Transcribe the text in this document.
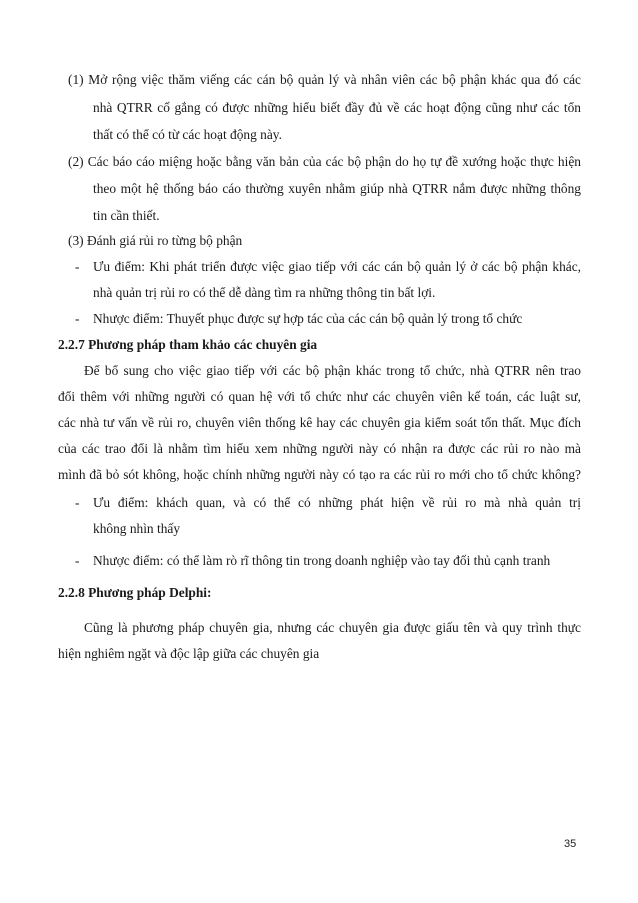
(1) Mở rộng việc thăm viếng các cán bộ quản lý và nhân viên các bộ phận khác qua đó các
nhà QTRR cố gắng có được những hiểu biết đầy đủ về các hoạt động cũng như các tổn
thất có thể có từ các hoạt động này.
(2) Các báo cáo miệng hoặc bằng văn bản của các bộ phận do họ tự đề xướng hoặc thực hiện
theo một hệ thống báo cáo thường xuyên nhằm giúp nhà QTRR nắm được những thông
tin cần thiết.
(3) Đánh giá rủi ro từng bộ phận
- Ưu điểm: Khi phát triển được việc giao tiếp với các cán bộ quản lý ở các bộ phận khác,
nhà quản trị rủi ro có thể dễ dàng tìm ra những thông tin bất lợi.
- Nhược điểm: Thuyết phục được sự hợp tác của các cán bộ quản lý trong tổ chức
2.2.7 Phương pháp tham khảo các chuyên gia
Để bổ sung cho việc giao tiếp với các bộ phận khác trong tổ chức, nhà QTRR nên trao
đổi thêm với những người có quan hệ với tổ chức như các chuyên viên kế toán, các luật sư,
các nhà tư vấn về rủi ro, chuyên viên thống kê hay các chuyên gia kiểm soát tổn thất. Mục đích
của các trao đổi là nhằm tìm hiểu xem những người này có nhận ra được các rủi ro nào mà
mình đã bỏ sót không, hoặc chính những người này có tạo ra các rủi ro mới cho tổ chức không?
- Ưu điểm: khách quan, và có thể có những phát hiện về rủi ro mà nhà quản trị
không nhìn thấy
- Nhược điểm: có thể làm rò rĩ thông tin trong doanh nghiệp vào tay đối thủ cạnh tranh
2.2.8 Phương pháp Delphi:
Cũng là phương pháp chuyên gia, nhưng các chuyên gia được giấu tên và quy trình thực
hiện nghiêm ngặt và độc lập giữa các chuyên gia
35
